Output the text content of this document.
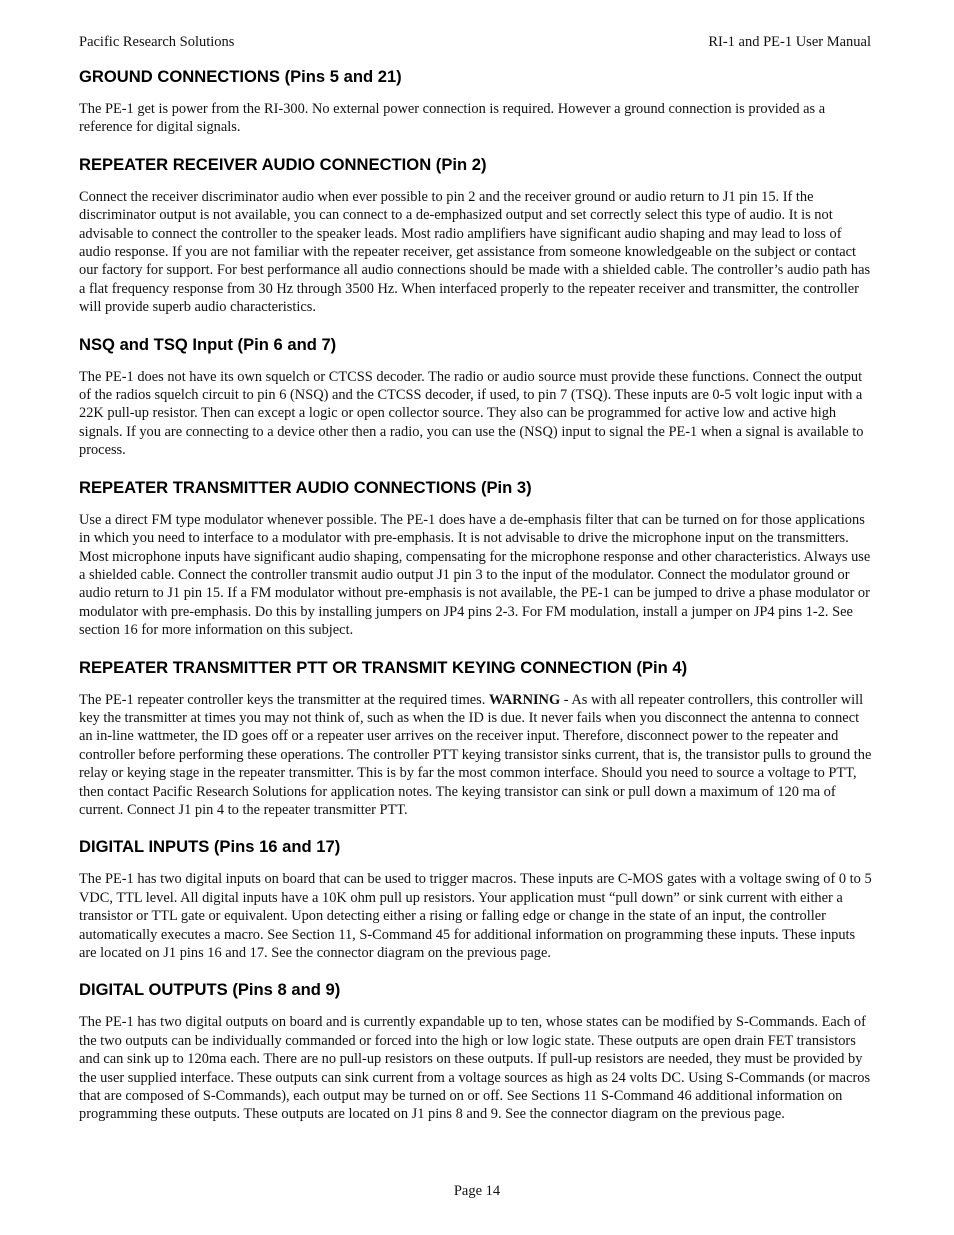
Pacific Research Solutions	RI-1 and PE-1 User Manual
GROUND CONNECTIONS (Pins 5 and 21)

The PE-1 get is power from the RI-300. No external power connection is required. However a ground connection is provided as a reference for digital signals.

REPEATER RECEIVER AUDIO CONNECTION (Pin 2)

Connect the receiver discriminator audio when ever possible to pin 2 and the receiver ground or audio return to J1 pin 15. If the discriminator output is not available, you can connect to a de-emphasized output and set correctly select this type of audio. It is not advisable to connect the controller to the speaker leads. Most radio amplifiers have significant audio shaping and may lead to loss of audio response. If you are not familiar with the repeater receiver, get assistance from someone knowledgeable on the subject or contact our factory for support. For best performance all audio connections should be made with a shielded cable. The controller’s audio path has a flat frequency response from 30 Hz through 3500 Hz. When interfaced properly to the repeater receiver and transmitter, the controller will provide superb audio characteristics.

NSQ and TSQ Input (Pin 6 and 7)

The PE-1 does not have its own squelch or CTCSS decoder. The radio or audio source must provide these functions. Connect the output of the radios squelch circuit to pin 6 (NSQ) and the CTCSS decoder, if used, to pin 7 (TSQ). These inputs are 0-5 volt logic input with a 22K pull-up resistor. Then can except a logic or open collector source. They also can be programmed for active low and active high signals. If you are connecting to a device other then a radio, you can use the (NSQ) input to signal the PE-1 when a signal is available to process.

REPEATER TRANSMITTER AUDIO CONNECTIONS (Pin 3)

Use a direct FM type modulator whenever possible. The PE-1 does have a de-emphasis filter that can be turned on for those applications in which you need to interface to a modulator with pre-emphasis. It is not advisable to drive the microphone input on the transmitters. Most microphone inputs have significant audio shaping, compensating for the microphone response and other characteristics. Always use a shielded cable. Connect the controller transmit audio output J1 pin 3 to the input of the modulator. Connect the modulator ground or audio return to J1 pin 15. If a FM modulator without pre-emphasis is not available, the PE-1 can be jumped to drive a phase modulator or modulator with pre-emphasis. Do this by installing jumpers on JP4 pins 2-3. For FM modulation, install a jumper on JP4 pins 1-2. See section 16 for more information on this subject.

REPEATER TRANSMITTER PTT OR TRANSMIT KEYING CONNECTION (Pin 4)

The PE-1 repeater controller keys the transmitter at the required times. WARNING - As with all repeater controllers, this controller will key the transmitter at times you may not think of, such as when the ID is due. It never fails when you disconnect the antenna to connect an in-line wattmeter, the ID goes off or a repeater user arrives on the receiver input. Therefore, disconnect power to the repeater and controller before performing these operations. The controller PTT keying transistor sinks current, that is, the transistor pulls to ground the relay or keying stage in the repeater transmitter. This is by far the most common interface. Should you need to source a voltage to PTT, then contact Pacific Research Solutions for application notes. The keying transistor can sink or pull down a maximum of 120 ma of current. Connect J1 pin 4 to the repeater transmitter PTT.

DIGITAL INPUTS (Pins 16 and 17)

The PE-1 has two digital inputs on board that can be used to trigger macros. These inputs are C-MOS gates with a voltage swing of 0 to 5 VDC, TTL level. All digital inputs have a 10K ohm pull up resistors. Your application must “pull down” or sink current with either a transistor or TTL gate or equivalent. Upon detecting either a rising or falling edge or change in the state of an input, the controller automatically executes a macro. See Section 11, S-Command 45 for additional information on programming these inputs. These inputs are located on J1 pins 16 and 17. See the connector diagram on the previous page.

DIGITAL OUTPUTS (Pins 8 and 9)

The PE-1 has two digital outputs on board and is currently expandable up to ten, whose states can be modified by S-Commands. Each of the two outputs can be individually commanded or forced into the high or low logic state. These outputs are open drain FET transistors and can sink up to 120ma each. There are no pull-up resistors on these outputs. If pull-up resistors are needed, they must be provided by the user supplied interface. These outputs can sink current from a voltage sources as high as 24 volts DC. Using S-Commands (or macros that are composed of S-Commands), each output may be turned on or off. See Sections 11 S-Command 46 additional information on programming these outputs. These outputs are located on J1 pins 8 and 9. See the connector diagram on the previous page.

Page 14
